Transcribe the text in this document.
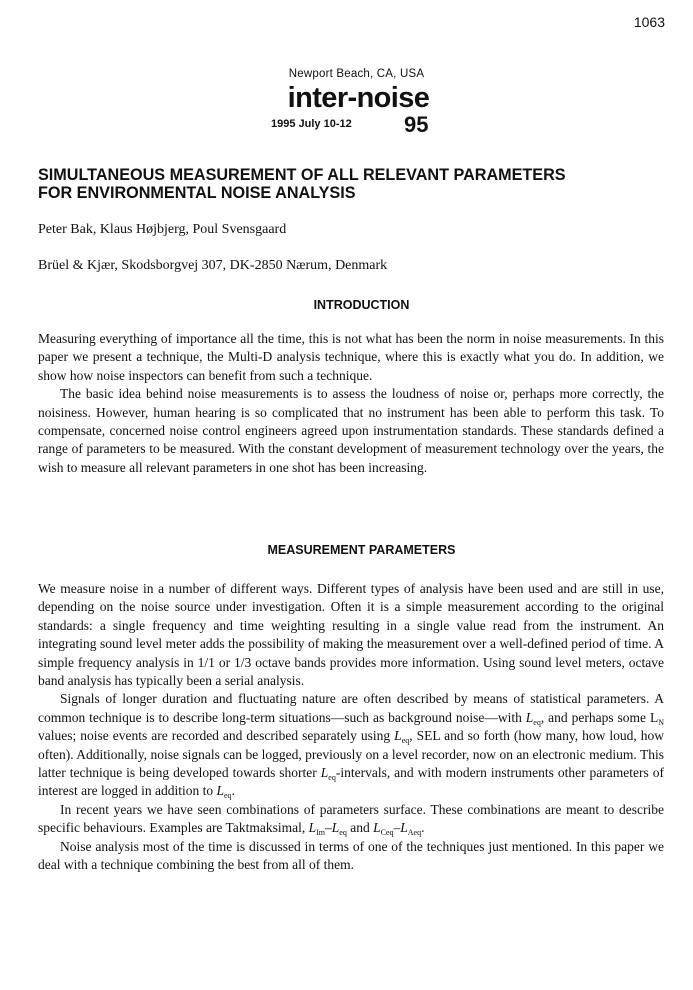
1063
Newport Beach, CA, USA
inter-noise
1995 July 10-12 95
SIMULTANEOUS MEASUREMENT OF ALL RELEVANT PARAMETERS
FOR ENVIRONMENTAL NOISE ANALYSIS
Peter Bak, Klaus Højbjerg, Poul Svensgaard
Brüel & Kjær, Skodsborgvej 307, DK-2850 Nærum, Denmark
INTRODUCTION

Measuring everything of importance all the time, this is not what has been the norm in noise measurements. In this paper we present a technique, the Multi-D analysis technique, where this is exactly what you do. In addition, we show how noise inspectors can benefit from such a technique.

The basic idea behind noise measurements is to assess the loudness of noise or, perhaps more correctly, the noisiness. However, human hearing is so complicated that no instrument has been able to perform this task. To compensate, concerned noise control engineers agreed upon instrumentation standards. These standards defined a range of parameters to be measured. With the constant development of measurement technology over the years, the wish to measure all relevant parameters in one shot has been increasing.

MEASUREMENT PARAMETERS

We measure noise in a number of different ways. Different types of analysis have been used and are still in use, depending on the noise source under investigation. Often it is a simple measurement according to the original standards: a single frequency and time weighting resulting in a single value read from the instrument. An integrating sound level meter adds the possibility of making the measurement over a well-defined period of time. A simple frequency analysis in 1/1 or 1/3 octave bands provides more information. Using sound level meters, octave band analysis has typically been a serial analysis.

Signals of longer duration and fluctuating nature are often described by means of statistical parameters. A common technique is to describe long-term situations—such as background noise—with $L_{eq}$, and perhaps some $L_N$ values; noise events are recorded and described separately using $L_{eq}$, SEL and so forth (how many, how loud, how often). Additionally, noise signals can be logged, previously on a level recorder, now on an electronic medium. This latter technique is being developed towards shorter $L_{eq}$-intervals, and with modern instruments other parameters of interest are logged in addition to $L_{eq}$.

In recent years we have seen combinations of parameters surface. These combinations are meant to describe specific behaviours. Examples are Taktmaksimal, $L_{Im}-L_{eq}$ and $L_{Ceq}-L_{Aeq}$.

Noise analysis most of the time is discussed in terms of one of the techniques just mentioned. In this paper we deal with a technique combining the best from all of them.
